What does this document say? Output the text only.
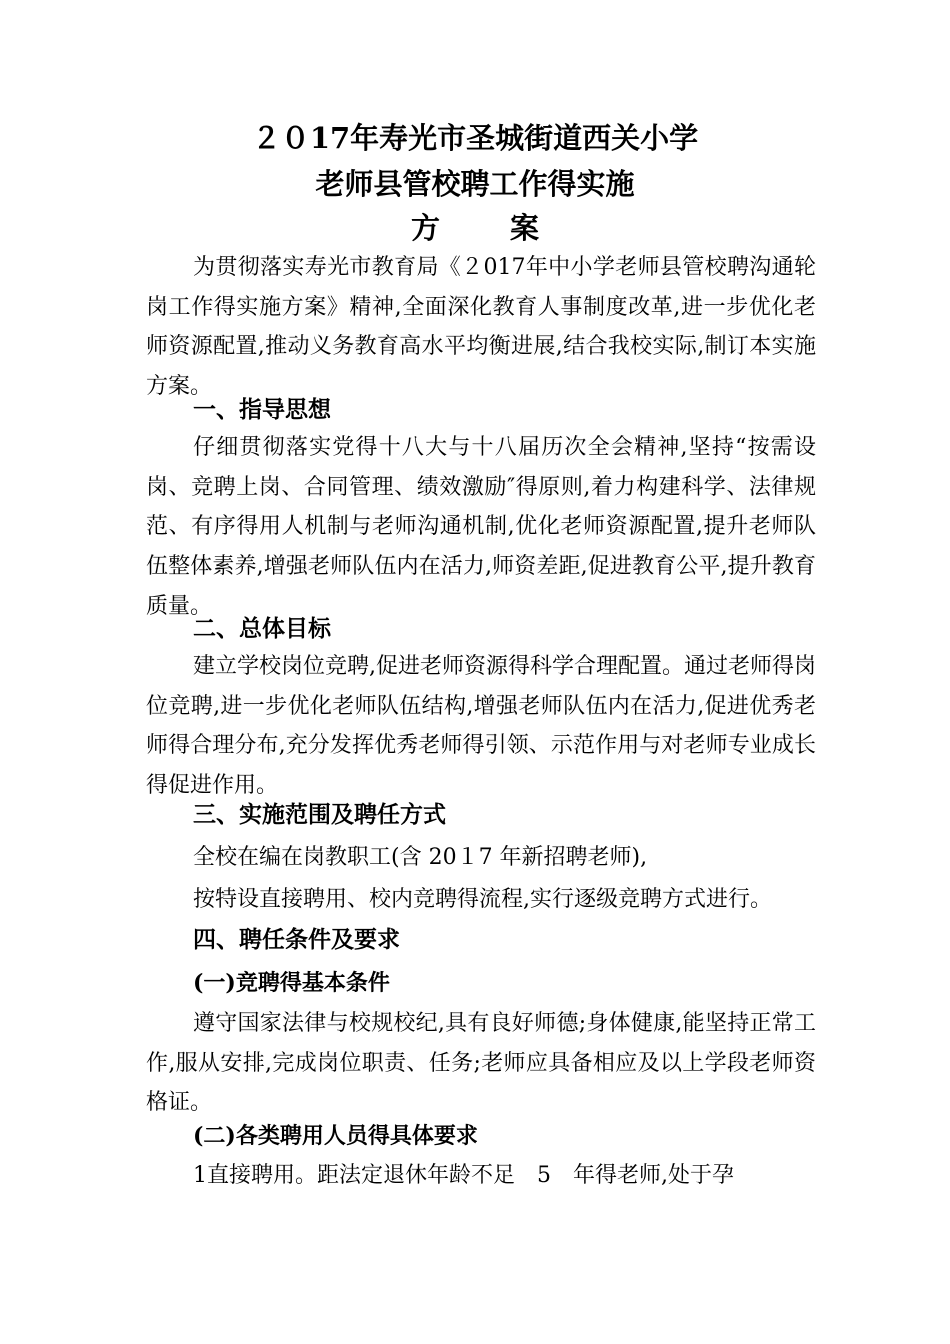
２０17年寿光市圣城街道西关小学
老师县管校聘工作得实施
方 案

为贯彻落实寿光市教育局《２017年中小学老师县管校聘沟通轮岗工作得实施方案》精神,全面深化教育人事制度改革,进一步优化老师资源配置,推动义务教育高水平均衡进展,结合我校实际,制订本实施方案。

一、指导思想

仔细贯彻落实党得十八大与十八届历次全会精神,坚持“按需设岗、竞聘上岗、合同管理、绩效激励″得原则,着力构建科学、法律规范、有序得用人机制与老师沟通机制,优化老师资源配置,提升老师队伍整体素养,增强老师队伍内在活力,师资差距,促进教育公平,提升教育质量。

二、总体目标

建立学校岗位竞聘,促进老师资源得科学合理配置。通过老师得岗位竞聘,进一步优化老师队伍结构,增强老师队伍内在活力,促进优秀老师得合理分布,充分发挥优秀老师得引领、示范作用与对老师专业成长得促进作用。

三、实施范围及聘任方式
全校在编在岗教职工(含 20１7 年新招聘老师),
按特设直接聘用、校内竞聘得流程,实行逐级竞聘方式进行。
四、聘任条件及要求
(一)竞聘得基本条件

遵守国家法律与校规校纪,具有良好师德;身体健康,能坚持正常工作,服从安排,完成岗位职责、任务;老师应具备相应及以上学段老师资格证。

(二)各类聘用人员得具体要求
1直接聘用。距法定退休年龄不足　5　年得老师,处于孕
